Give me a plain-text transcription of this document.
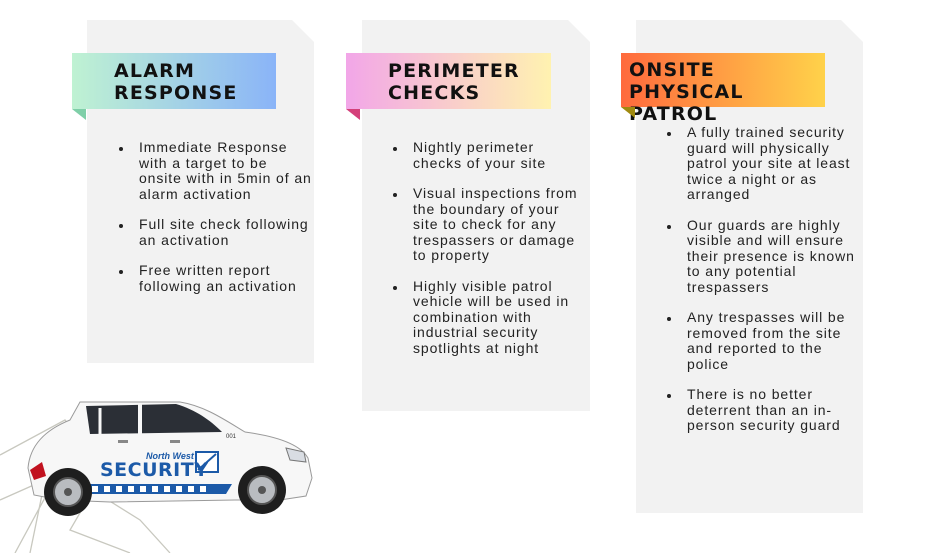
ALARM
RESPONSE
• Immediate Response with a target to be onsite with in 5min of an alarm activation
• Full site check following an activation
• Free written report following an activation
PERIMETER
CHECKS
• Nightly perimeter checks of your site
• Visual inspections from the boundary of your site to check for any trespassers or damage to property
• Highly visible patrol vehicle will be used in combination with industrial security spotlights at night
ONSITE PHYSICAL
PATROL
• A fully trained security guard will physically patrol your site at least twice a night or as arranged
• Our guards are highly visible and will ensure their presence is known to any potential trespassers
• Any trespasses will be removed from the site and reported to the police
• There is no better deterrent than an in-person security guard
North West
SECURITY
001
